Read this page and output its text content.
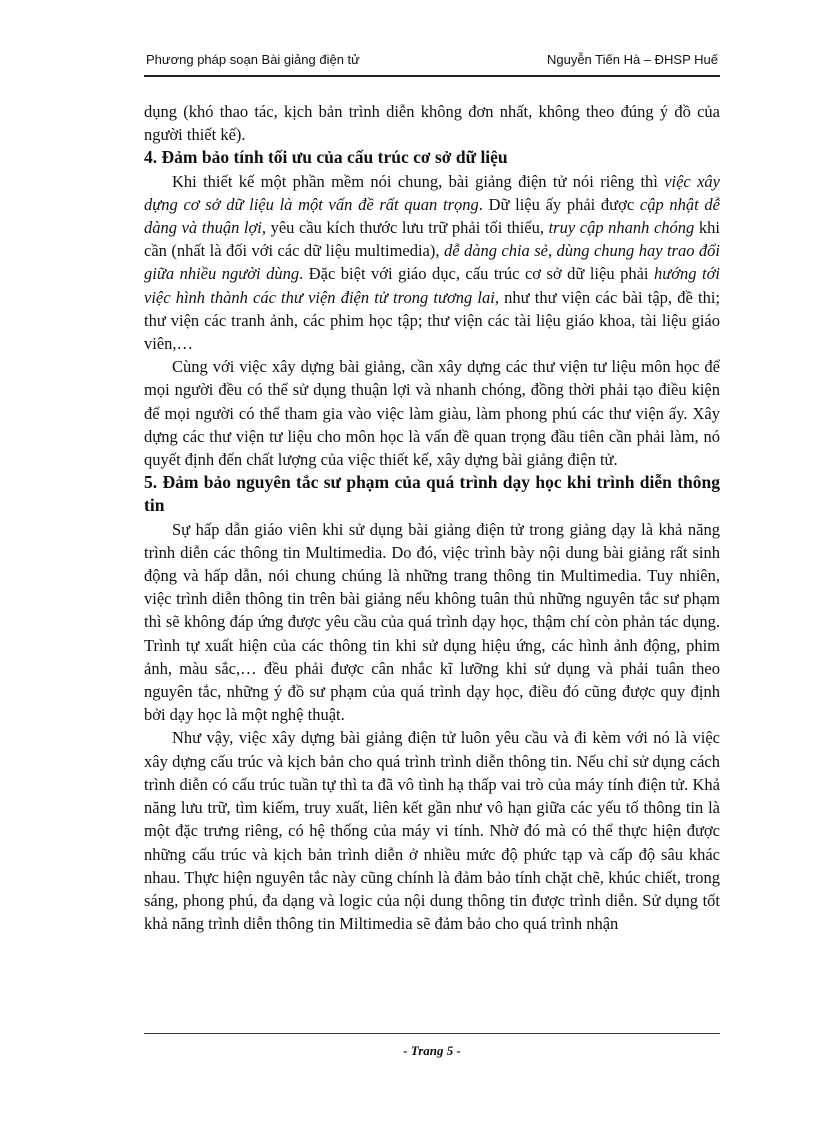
Phương pháp soạn Bài giảng điện tử	Nguyễn Tiến Hà – ĐHSP Huế

dụng (khó thao tác, kịch bản trình diễn không đơn nhất, không theo đúng ý đồ của người thiết kế).

4. Đảm bảo tính tối ưu của cấu trúc cơ sở dữ liệu

Khi thiết kế một phần mềm nói chung, bài giảng điện tử nói riêng thì việc xây dựng cơ sở dữ liệu là một vấn đề rất quan trọng. Dữ liệu ấy phải được cập nhật dễ dàng và thuận lợi, yêu cầu kích thước lưu trữ phải tối thiểu, truy cập nhanh chóng khi cần (nhất là đối với các dữ liệu multimedia), dễ dàng chia sẻ, dùng chung hay trao đổi giữa nhiều người dùng. Đặc biệt với giáo dục, cấu trúc cơ sở dữ liệu phải hướng tới việc hình thành các thư viện điện tử trong tương lai, như thư viện các bài tập, đề thi; thư viện các tranh ảnh, các phim học tập; thư viện các tài liệu giáo khoa, tài liệu giáo viên,…

Cùng với việc xây dựng bài giảng, cần xây dựng các thư viện tư liệu môn học để mọi người đều có thể sử dụng thuận lợi và nhanh chóng, đồng thời phải tạo điều kiện để mọi người có thể tham gia vào việc làm giàu, làm phong phú các thư viện ấy. Xây dựng các thư viện tư liệu cho môn học là vấn đề quan trọng đầu tiên cần phải làm, nó quyết định đến chất lượng của việc thiết kế, xây dựng bài giảng điện tử.

5. Đảm bảo nguyên tắc sư phạm của quá trình dạy học khi trình diễn thông tin

Sự hấp dẫn giáo viên khi sử dụng bài giảng điện tử trong giảng dạy là khả năng trình diễn các thông tin Multimedia. Do đó, việc trình bày nội dung bài giảng rất sinh động và hấp dẫn, nói chung chúng là những trang thông tin Multimedia. Tuy nhiên, việc trình diễn thông tin trên bài giảng nếu không tuân thủ những nguyên tắc sư phạm thì sẽ không đáp ứng được yêu cầu của quá trình dạy học, thậm chí còn phản tác dụng. Trình tự xuất hiện của các thông tin khi sử dụng hiệu ứng, các hình ảnh động, phim ảnh, màu sắc,… đều phải được cân nhắc kĩ lưỡng khi sử dụng và phải tuân theo nguyên tắc, những ý đồ sư phạm của quá trình dạy học, điều đó cũng được quy định bởi dạy học là một nghệ thuật.

Như vậy, việc xây dựng bài giảng điện tử luôn yêu cầu và đi kèm với nó là việc xây dựng cấu trúc và kịch bản cho quá trình trình diễn thông tin. Nếu chỉ sử dụng cách trình diễn có cấu trúc tuần tự thì ta đã vô tình hạ thấp vai trò của máy tính điện tử. Khả năng lưu trữ, tìm kiếm, truy xuất, liên kết gần như vô hạn giữa các yếu tố thông tin là một đặc trưng riêng, có hệ thống của máy vi tính. Nhờ đó mà có thể thực hiện được những cấu trúc và kịch bản trình diễn ở nhiều mức độ phức tạp và cấp độ sâu khác nhau. Thực hiện nguyên tắc này cũng chính là đảm bảo tính chặt chẽ, khúc chiết, trong sáng, phong phú, đa dạng và logic của nội dung thông tin được trình diễn. Sử dụng tốt khả năng trình diễn thông tin Miltimedia sẽ đảm bảo cho quá trình nhận

- Trang 5 -
